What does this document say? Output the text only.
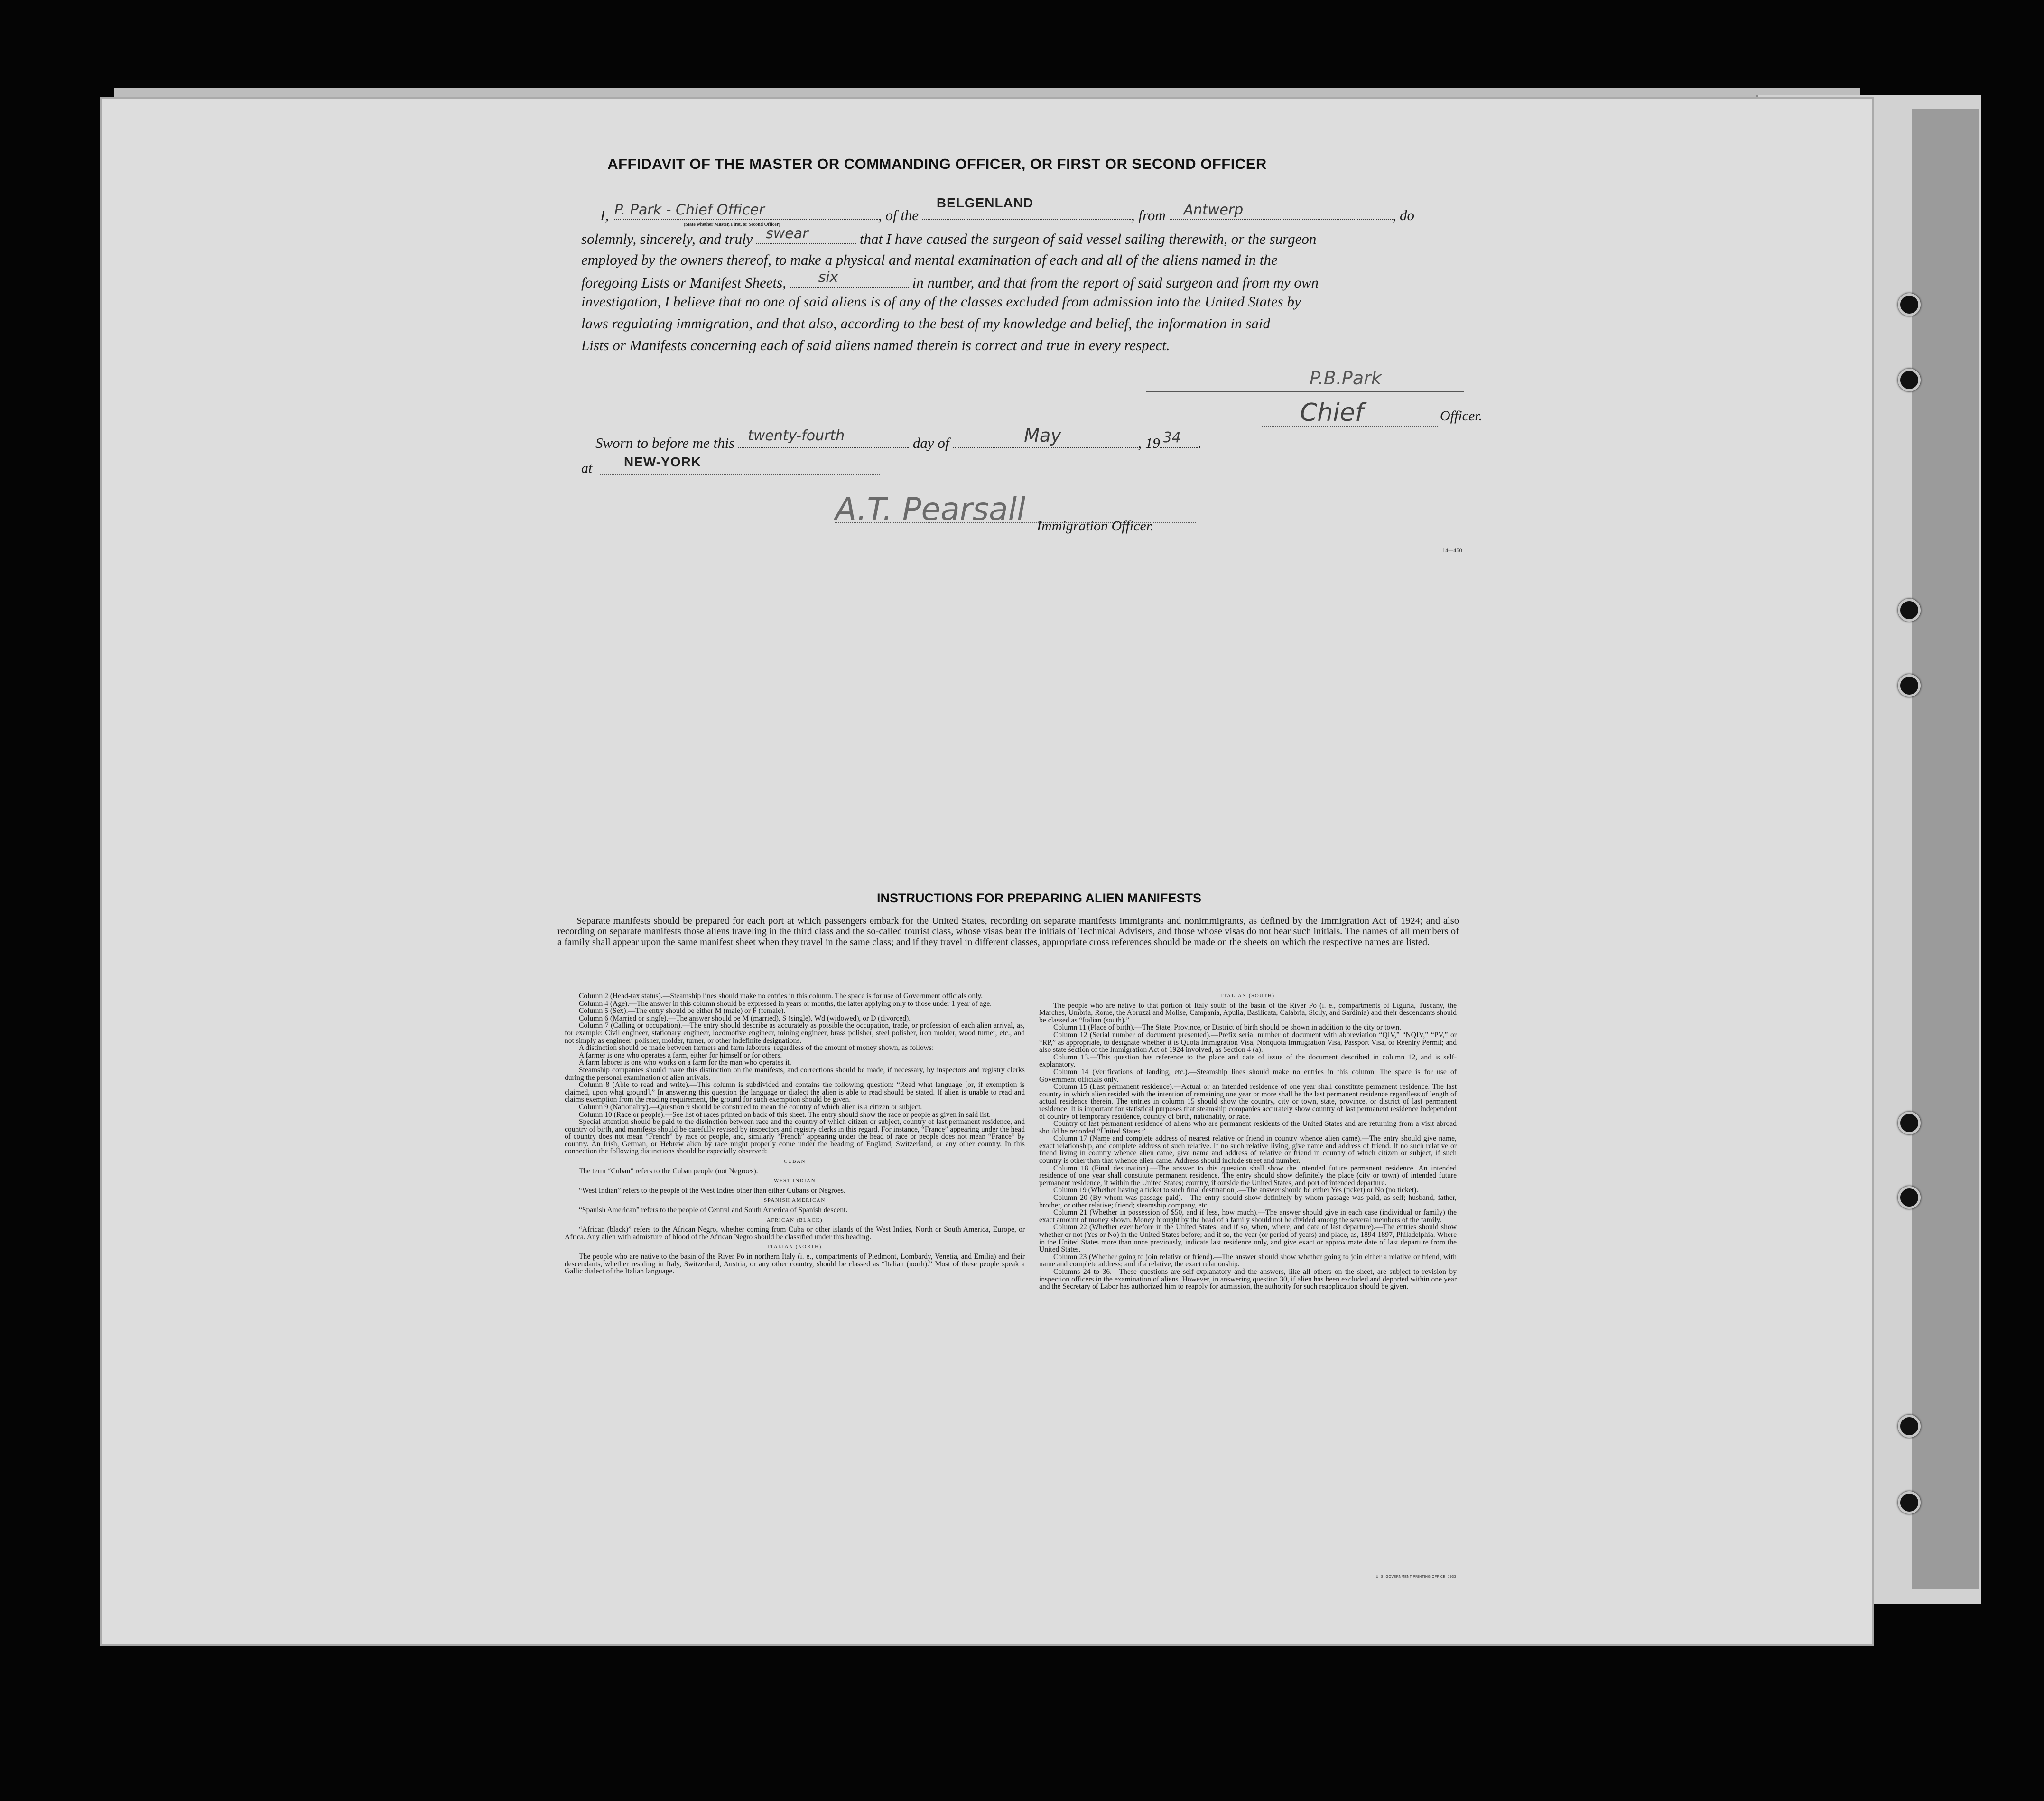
AFFIDAVIT OF THE MASTER OR COMMANDING OFFICER, OR FIRST OR SECOND OFFICER
I, P. Park - Chief Officer
(State whether Master, First, or Second Officer)
, of the
BELGENLAND
, from Antwerp	, do
solemnly, sincerely, and truly swear	that I have caused the surgeon of said vessel sailing therewith, or the surgeon
employed by the owners thereof, to make a physical and mental examination of each and all of the aliens named in the
foregoing Lists or Manifest Sheets, six	in number, and that from the report of said surgeon and from my own
investigation, I believe that no one of said aliens is of any of the classes excluded from admission into the United States by
laws regulating immigration, and that also, according to the best of my knowledge and belief, the information in said
Lists or Manifests concerning each of said aliens named therein is correct and true in every respect.
P.B.Park
Chief	Officer.
Sworn to before me this twenty-fourth	day of	May	, 19 34 .
at NEW-YORK
A.T. Pearsall Immigration Officer.
14—450
INSTRUCTIONS FOR PREPARING ALIEN MANIFESTS
Separate manifests should be prepared for each port at which passengers embark for the United States, recording on separate manifests immigrants and nonimmigrants, as defined by the Immigration Act of 1924; and also recording on separate manifests those aliens traveling in the third class and the so-called tourist class, whose visas bear the initials of Technical Advisers, and those whose visas do not bear such initials. The names of all members of a family shall appear upon the same manifest sheet when they travel in the same class; and if they travel in different classes, appropriate cross references should be made on the sheets on which the respective names are listed.

Column 2 (Head-tax status).—Steamship lines should make no entries in this column. The space is for use of Government officials only.

Column 4 (Age).—The answer in this column should be expressed in years or months, the latter applying only to those under 1 year of age.

Column 5 (Sex).—The entry should be either M (male) or F (female).

Column 6 (Married or single).—The answer should be M (married), S (single), Wd (widowed), or D (divorced).

Column 7 (Calling or occupation).—The entry should describe as accurately as possible the occupation, trade, or profession of each alien arrival, as, for example: Civil engineer, stationary engineer, locomotive engineer, mining engineer, brass polisher, steel polisher, iron molder, wood turner, etc., and not simply as engineer, polisher, molder, turner, or other indefinite designations.

A distinction should be made between farmers and farm laborers, regardless of the amount of money shown, as follows:

A farmer is one who operates a farm, either for himself or for others.

A farm laborer is one who works on a farm for the man who operates it.

Steamship companies should make this distinction on the manifests, and corrections should be made, if necessary, by inspectors and registry clerks during the personal examination of alien arrivals.

Column 8 (Able to read and write).—This column is subdivided and contains the following question: “Read what language [or, if exemption is claimed, upon what ground].” In answering this question the language or dialect the alien is able to read should be stated. If alien is unable to read and claims exemption from the reading requirement, the ground for such exemption should be given.

Column 9 (Nationality).—Question 9 should be construed to mean the country of which alien is a citizen or subject.

Column 10 (Race or people).—See list of races printed on back of this sheet. The entry should show the race or people as given in said list.

Special attention should be paid to the distinction between race and the country of which citizen or subject, country of last permanent residence, and country of birth, and manifests should be carefully revised by inspectors and registry clerks in this regard. For instance, “France” appearing under the head of country does not mean “French” by race or people, and, similarly “French” appearing under the head of race or people does not mean “France” by country. An Irish, German, or Hebrew alien by race might properly come under the heading of England, Switzerland, or any other country. In this connection the following distinctions should be especially observed:

CUBAN

The term “Cuban” refers to the Cuban people (not Negroes).

WEST INDIAN

“West Indian” refers to the people of the West Indies other than either Cubans or Negroes.

SPANISH AMERICAN

“Spanish American” refers to the people of Central and South America of Spanish descent.

AFRICAN (BLACK)

“African (black)” refers to the African Negro, whether coming from Cuba or other islands of the West Indies, North or South America, Europe, or Africa. Any alien with admixture of blood of the African Negro should be classified under this heading.

ITALIAN (NORTH)

The people who are native to the basin of the River Po in northern Italy (i. e., compartments of Piedmont, Lombardy, Venetia, and Emilia) and their descendants, whether residing in Italy, Switzerland, Austria, or any other country, should be classed as “Italian (north).” Most of these people speak a Gallic dialect of the Italian language.

ITALIAN (SOUTH)

The people who are native to that portion of Italy south of the basin of the River Po (i. e., compartments of Liguria, Tuscany, the Marches, Umbria, Rome, the Abruzzi and Molise, Campania, Apulia, Basilicata, Calabria, Sicily, and Sardinia) and their descendants should be classed as “Italian (south).”

Column 11 (Place of birth).—The State, Province, or District of birth should be shown in addition to the city or town.

Column 12 (Serial number of document presented).—Prefix serial number of document with abbreviation “QIV,” “NQIV,” “PV,” or “RP,” as appropriate, to designate whether it is Quota Immigration Visa, Nonquota Immigration Visa, Passport Visa, or Reentry Permit; and also state section of the Immigration Act of 1924 involved, as Section 4 (a).

Column 13.—This question has reference to the place and date of issue of the document described in column 12, and is self-explanatory.

Column 14 (Verifications of landing, etc.).—Steamship lines should make no entries in this column. The space is for use of Government officials only.

Column 15 (Last permanent residence).—Actual or an intended residence of one year shall constitute permanent residence. The last country in which alien resided with the intention of remaining one year or more shall be the last permanent residence regardless of length of actual residence therein. The entries in column 15 should show the country, city or town, state, province, or district of last permanent residence. It is important for statistical purposes that steamship companies accurately show country of last permanent residence independent of country of temporary residence, country of birth, nationality, or race.

Country of last permanent residence of aliens who are permanent residents of the United States and are returning from a visit abroad should be recorded “United States.”

Column 17 (Name and complete address of nearest relative or friend in country whence alien came).—The entry should give name, exact relationship, and complete address of such relative. If no such relative living, give name and address of friend. If no such relative or friend living in country whence alien came, give name and address of relative or friend in country of which citizen or subject, if such country is other than that whence alien came. Address should include street and number.

Column 18 (Final destination).—The answer to this question shall show the intended future permanent residence. An intended residence of one year shall constitute permanent residence. The entry should show definitely the place (city or town) of intended future permanent residence, if within the United States; country, if outside the United States, and port of intended departure.

Column 19 (Whether having a ticket to such final destination).—The answer should be either Yes (ticket) or No (no ticket).

Column 20 (By whom was passage paid).—The entry should show definitely by whom passage was paid, as self; husband, father, brother, or other relative; friend; steamship company, etc.

Column 21 (Whether in possession of $50, and if less, how much).—The answer should give in each case (individual or family) the exact amount of money shown. Money brought by the head of a family should not be divided among the several members of the family.

Column 22 (Whether ever before in the United States; and if so, when, where, and date of last departure).—The entries should show whether or not (Yes or No) in the United States before; and if so, the year (or period of years) and place, as, 1894-1897, Philadelphia. Where in the United States more than once previously, indicate last residence only, and give exact or approximate date of last departure from the United States.

Column 23 (Whether going to join relative or friend).—The answer should show whether going to join either a relative or friend, with name and complete address; and if a relative, the exact relationship.

Columns 24 to 36.—These questions are self-explanatory and the answers, like all others on the sheet, are subject to revision by inspection officers in the examination of aliens. However, in answering question 30, if alien has been excluded and deported within one year and the Secretary of Labor has authorized him to reapply for admission, the authority for such reapplication should be given.

U. S. GOVERNMENT PRINTING OFFICE: 1933
